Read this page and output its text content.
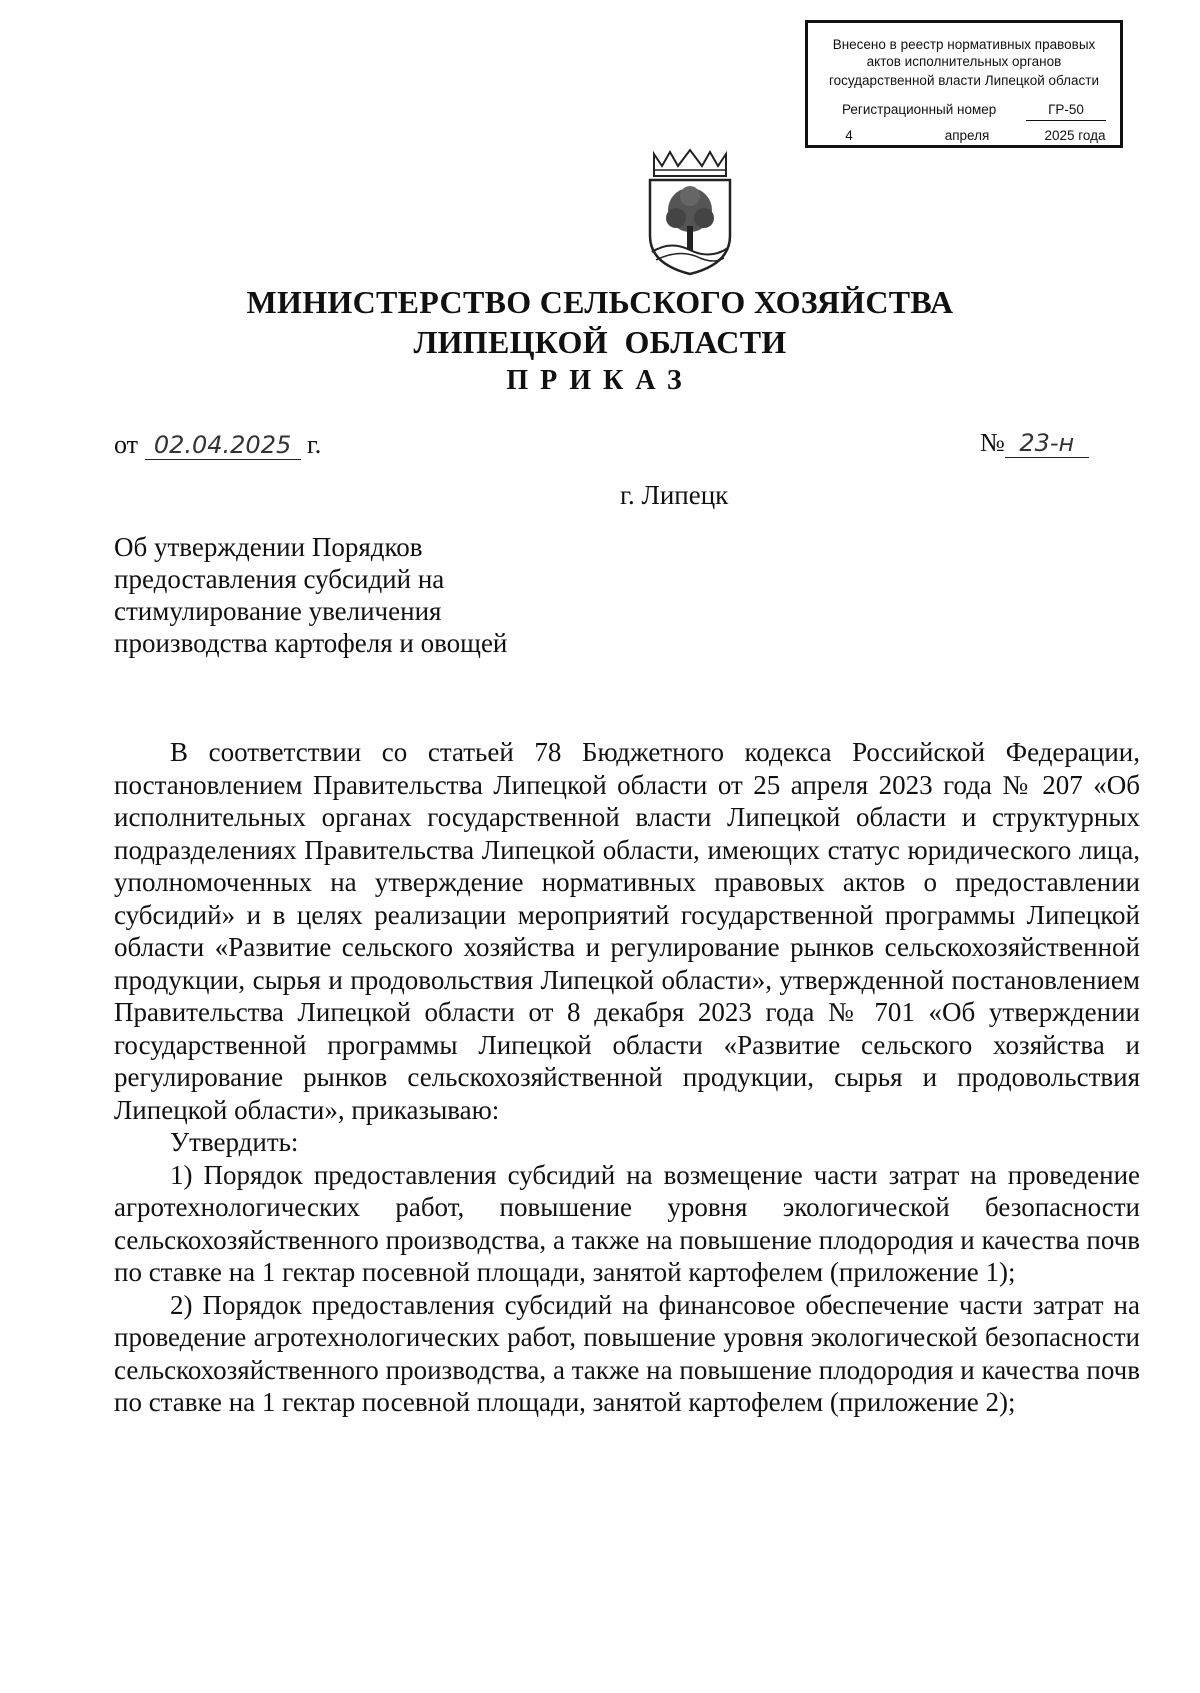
Внесено в реестр нормативных правовых
актов исполнительных органов
государственной власти Липецкой области
Регистрационный номер	ГР-50
4	апреля	2025 года
МИНИСТЕРСТВО СЕЛЬСКОГО ХОЗЯЙСТВА
ЛИПЕЦКОЙ  ОБЛАСТИ
ПРИКАЗ
от 02.04.2025 г.	№ 23-н
г. Липецк
Об утверждении Порядков
предоставления субсидий на
стимулирование увеличения
производства картофеля и овощей

В соответствии со статьей 78 Бюджетного кодекса Российской Федерации, постановлением Правительства Липецкой области от 25 апреля 2023 года № 207 «Об исполнительных органах государственной власти Липецкой области и структурных подразделениях Правительства Липецкой области, имеющих статус юридического лица, уполномоченных на утверждение нормативных правовых актов о предоставлении субсидий» и в целях реализации мероприятий государственной программы Липецкой области «Развитие сельского хозяйства и регулирование рынков сельскохозяйственной продукции, сырья и продовольствия Липецкой области», утвержденной постановлением Правительства Липецкой области от 8 декабря 2023 года № 701 «Об утверждении государственной программы Липецкой области «Развитие сельского хозяйства и регулирование рынков сельскохозяйственной продукции, сырья и продовольствия Липецкой области», приказываю:

Утвердить:

1) Порядок предоставления субсидий на возмещение части затрат на проведение агротехнологических работ, повышение уровня экологической безопасности сельскохозяйственного производства, а также на повышение плодородия и качества почв по ставке на 1 гектар посевной площади, занятой картофелем (приложение 1);

2) Порядок предоставления субсидий на финансовое обеспечение части затрат на проведение агротехнологических работ, повышение уровня экологической безопасности сельскохозяйственного производства, а также на повышение плодородия и качества почв по ставке на 1 гектар посевной площади, занятой картофелем (приложение 2);
